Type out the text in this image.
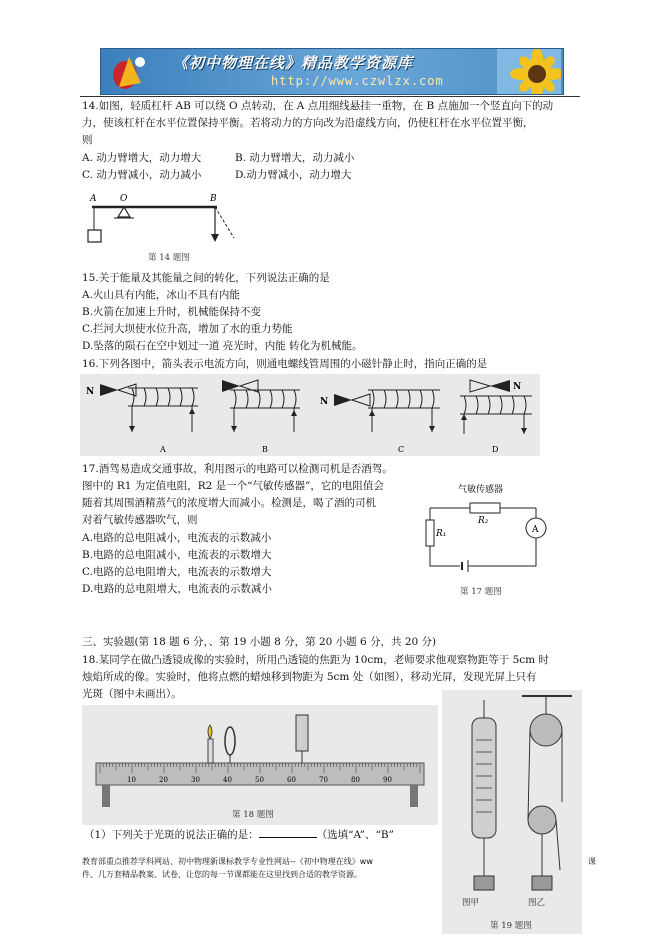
《初中物理在线》精品教学资源库
http://www.czwlzx.com
14.如图，轻质杠杆 AB 可以绕 O 点转动，在 A 点用细线悬挂一重物，在 B 点施加一个竖直向下的动
力，使该杠杆在水平位置保持平衡。若将动力的方向改为沿虚线方向，仍使杠杆在水平位置平衡，
则
A. 动力臂增大，动力增大	B. 动力臂增大，动力减小
C. 动力臂减小，动力减小	D.动力臂减小，动力增大
A	O	B
第 14 题图
15.关于能量及其能量之间的转化，下列说法正确的是
A.火山具有内能，冰山不具有内能
B.火箭在加速上升时，机械能保持不变
C.拦河大坝使水位升高，增加了水的重力势能
D.坠落的陨石在空中划过一道 亮光时，内能 转化为机械能。
16.下列各图中，箭头表示电流方向，则通电螺线管周围的小磁针静止时，指向正确的是
N
A	B
N
C
N
D
17.酒驾易造成交通事故，利用图示的电路可以检测司机是否酒驾。
图中的 R1 为定值电阻，R2 是一个“气敏传感器”，它的电阻值会
随着其周围酒精蒸气的浓度增大而减小。检测是，喝了酒的司机
对着气敏传感器吹气，则
A.电路的总电阻减小，电流表的示数减小
B.电路的总电阻减小，电流表的示数增大
C.电路的总电阻增大，电流表的示数增大
D.电路的总电阻增大，电流表的示数减小
气敏传感器
R₂
A
R₁
第 17 题图
三、实验题(第 18 题 6 分，、第 19 小题 8 分，第 20 小题 6 分，共 20 分)
18.某同学在做凸透镜成像的实验时，所用凸透镜的焦距为 10cm，老师要求他观察物距等于 5cm 时
烛焰所成的像。实验时，他将点燃的蜡烛移到物距为 5cm 处（如图），移动光屏，发现光屏上只有
光斑（图中未画出）。
10	20	30	40	50	60	70	80	90
第 18 题图
（1）下列关于光斑的说法正确的是：	（选填“A”、“B”
图甲	图乙
第 19 题图
教育部重点推荐学科网站、初中物理新课标教学专业性网站--《初中物理在线》ww	课
件、几万套精品教案、试卷，让您的每一节课都能在这里找到合适的教学资源。
